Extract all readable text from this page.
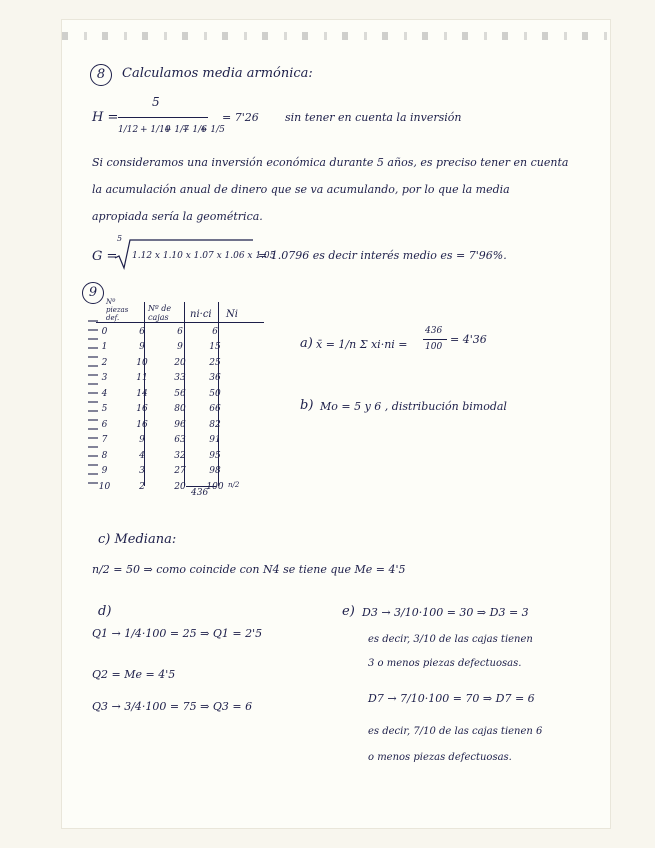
8	Calculamos media armónica:
H =
5
1/12 + 1/10
+ 1/7
+ 1/6
+ 1/5
= 7'26 sin tener en cuenta la inversión
Si consideramos una inversión económica durante 5 años, es preciso tener en cuenta
la acumulación anual de dinero que se va acumulando, por lo que la media
apropiada sería la geométrica.
G =
5
1.12 x 1.10 x 1.07 x 1.06 x 1.05
= 1.0796 es decir interés medio es = 7'96%.
9
Nº piezas def.
Nº de cajas	ni·ci Ni
0	6	6	6
1	9	9	15
2	10	20	25
3	11	33	36
4	14	56	50
5	16	80	66
6	16	96	82
7	9	63	91
8	4	32	95
9	3	27	98
10	2	20	100
436
n/2
a) x̄ = 1/n Σ xi·ni =
436
100
= 4'36
b) Mo = 5 y 6 , distribución bimodal
c) Mediana:
n/2 = 50 ⇒ como coincide con N4 se tiene que Me = 4'5
d)
Q1 → 1/4·100 = 25 ⇒ Q1 = 2'5
Q2 = Me = 4'5
Q3 → 3/4·100 = 75 ⇒ Q3 = 6
e) D3 → 3/10·100 = 30 ⇒ D3 = 3
es decir, 3/10 de las cajas tienen
3 o menos piezas defectuosas.
D7 → 7/10·100 = 70 ⇒ D7 = 6
es decir, 7/10 de las cajas tienen 6
o menos piezas defectuosas.
